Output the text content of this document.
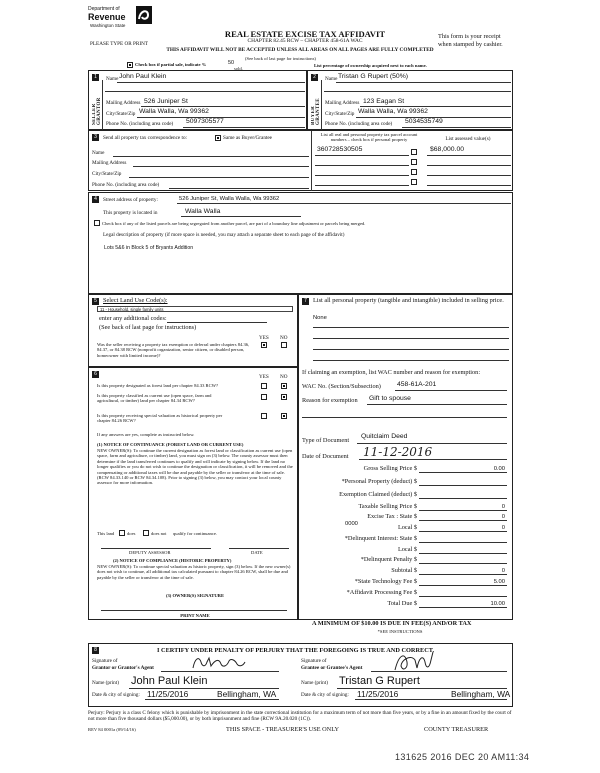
Department of
Revenue
Washington State
REAL ESTATE EXCISE TAX AFFIDAVIT
CHAPTER 82.45 RCW – CHAPTER 458-61A WAC
PLEASE TYPE OR PRINT
This form is your receipt
when stamped by cashier.
THIS AFFIDAVIT WILL NOT BE ACCEPTED UNLESS ALL AREAS ON ALL PAGES ARE FULLY COMPLETED
(See back of last page for instructions)
Check box if partial sale, indicate %	50
sold.
List percentage of ownership acquired next to each name.
1
SELLER GRANTOR
Name John Paul Klein
Mailing Address 526 Juniper St
City/State/Zip Walla Walla, Wa 99362
Phone No. (including area code) 5097305577
2
BUYER GRANTEE
Name Tristan G Rupert (50%)
Mailing Address 123 Eagan St
City/State/Zip Walla Walla, Wa 99362
Phone No. (including area code) 5034535749
3	Send all property tax correspondence to:	Same as Buyer/Grantee
Name
Mailing Address
City/State/Zip
Phone No. (including area code)
List all real and personal property tax parcel account numbers – check box if personal property	List assessed value(s)
360728530505	$68,000.00
4	Street address of property:	526 Juniper St, Walla Walla, Wa 99362
This property is located in	Walla Walla
Check box if any of the listed parcels are being segregated from another parcel, are part of a boundary line adjustment or parcels being merged.
Legal description of property (if more space is needed, you may attach a separate sheet to each page of the affidavit)
Lots 5&6 in Block 5 of Bryants Addition
5 Select Land Use Code(s):
11 - Household, single family units
enter any additional codes:
(See back of last page for instructions)
YES NO
Was the seller receiving a property tax exemption or deferral under chapters 84.36, 84.37, or 84.38 RCW (nonprofit organization, senior citizen, or disabled person, homeowner with limited income)?
6	YES NO
Is this property designated as forest land per chapter 84.33 RCW?
Is this property classified as current use (open space, farm and agricultural, or timber) land per chapter 84.34 RCW?
Is this property receiving special valuation as historical property per chapter 84.26 RCW?
If any answers are yes, complete as instructed below.
(1) NOTICE OF CONTINUANCE (FOREST LAND OR CURRENT USE)
NEW OWNER(S): To continue the current designation as forest land or classification as current use (open space, farm and agriculture, or timber) land, you must sign on (3) below. The county assessor must then determine if the land transferred continues to qualify and will indicate by signing below. If the land no longer qualifies or you do not wish to continue the designation or classification, it will be removed and the compensating or additional taxes will be due and payable by the seller or transferor at the time of sale. (RCW 84.33.140 or RCW 84.34.108). Prior to signing (3) below, you may contact your local county assessor for more information.
This land	does	does not qualify for continuance.
DEPUTY ASSESSOR	DATE
(2) NOTICE OF COMPLIANCE (HISTORIC PROPERTY)
NEW OWNER(S): To continue special valuation as historic property, sign (3) below. If the new owner(s) does not wish to continue, all additional tax calculated pursuant to chapter 84.26 RCW, shall be due and payable by the seller or transferor at the time of sale.
(3) OWNER(S) SIGNATURE
PRINT NAME
7 List all personal property (tangible and intangible) included in selling price.
None
If claiming an exemption, list WAC number and reason for exemption:
WAC No. (Section/Subsection) 458-61A-201
Reason for exemption Gift to spouse
Type of Document
Quitclaim Deed
Date of Document 11-12-2016
Gross Selling Price $	0.00
*Personal Property (deduct) $
Exemption Claimed (deduct) $
Taxable Selling Price $	0
Excise Tax : State $	0
0000	Local $	0
*Delinquent Interest: State $
Local $
*Delinquent Penalty $
Subtotal $	0
*State Technology Fee $	5.00
*Affidavit Processing Fee $
Total Due $	10.00
A MINIMUM OF $10.00 IS DUE IN FEE(S) AND/OR TAX
*SEE INSTRUCTIONS
8	I CERTIFY UNDER PENALTY OF PERJURY THAT THE FOREGOING IS TRUE AND CORRECT.
Signature of
Grantor or Grantor's Agent
Name (print) John Paul Klein
Date & city of signing: 11/25/2016	Bellingham, WA
Signature of
Grantee or Grantee's Agent
Name (print) Tristan G Rupert
Date & city of signing: 11/25/2016	Bellingham, WA
Perjury: Perjury is a class C felony which is punishable by imprisonment in the state correctional institution for a maximum term of not more than five years, or by a fine in an amount fixed by the court of not more than five thousand dollars ($5,000.00), or by both imprisonment and fine (RCW 9A.20.020 (1C)).
REV 84 0001a (09/14/16)	THIS SPACE - TREASURER'S USE ONLY	COUNTY TREASURER
131625 2016 DEC 20 AM11:34
